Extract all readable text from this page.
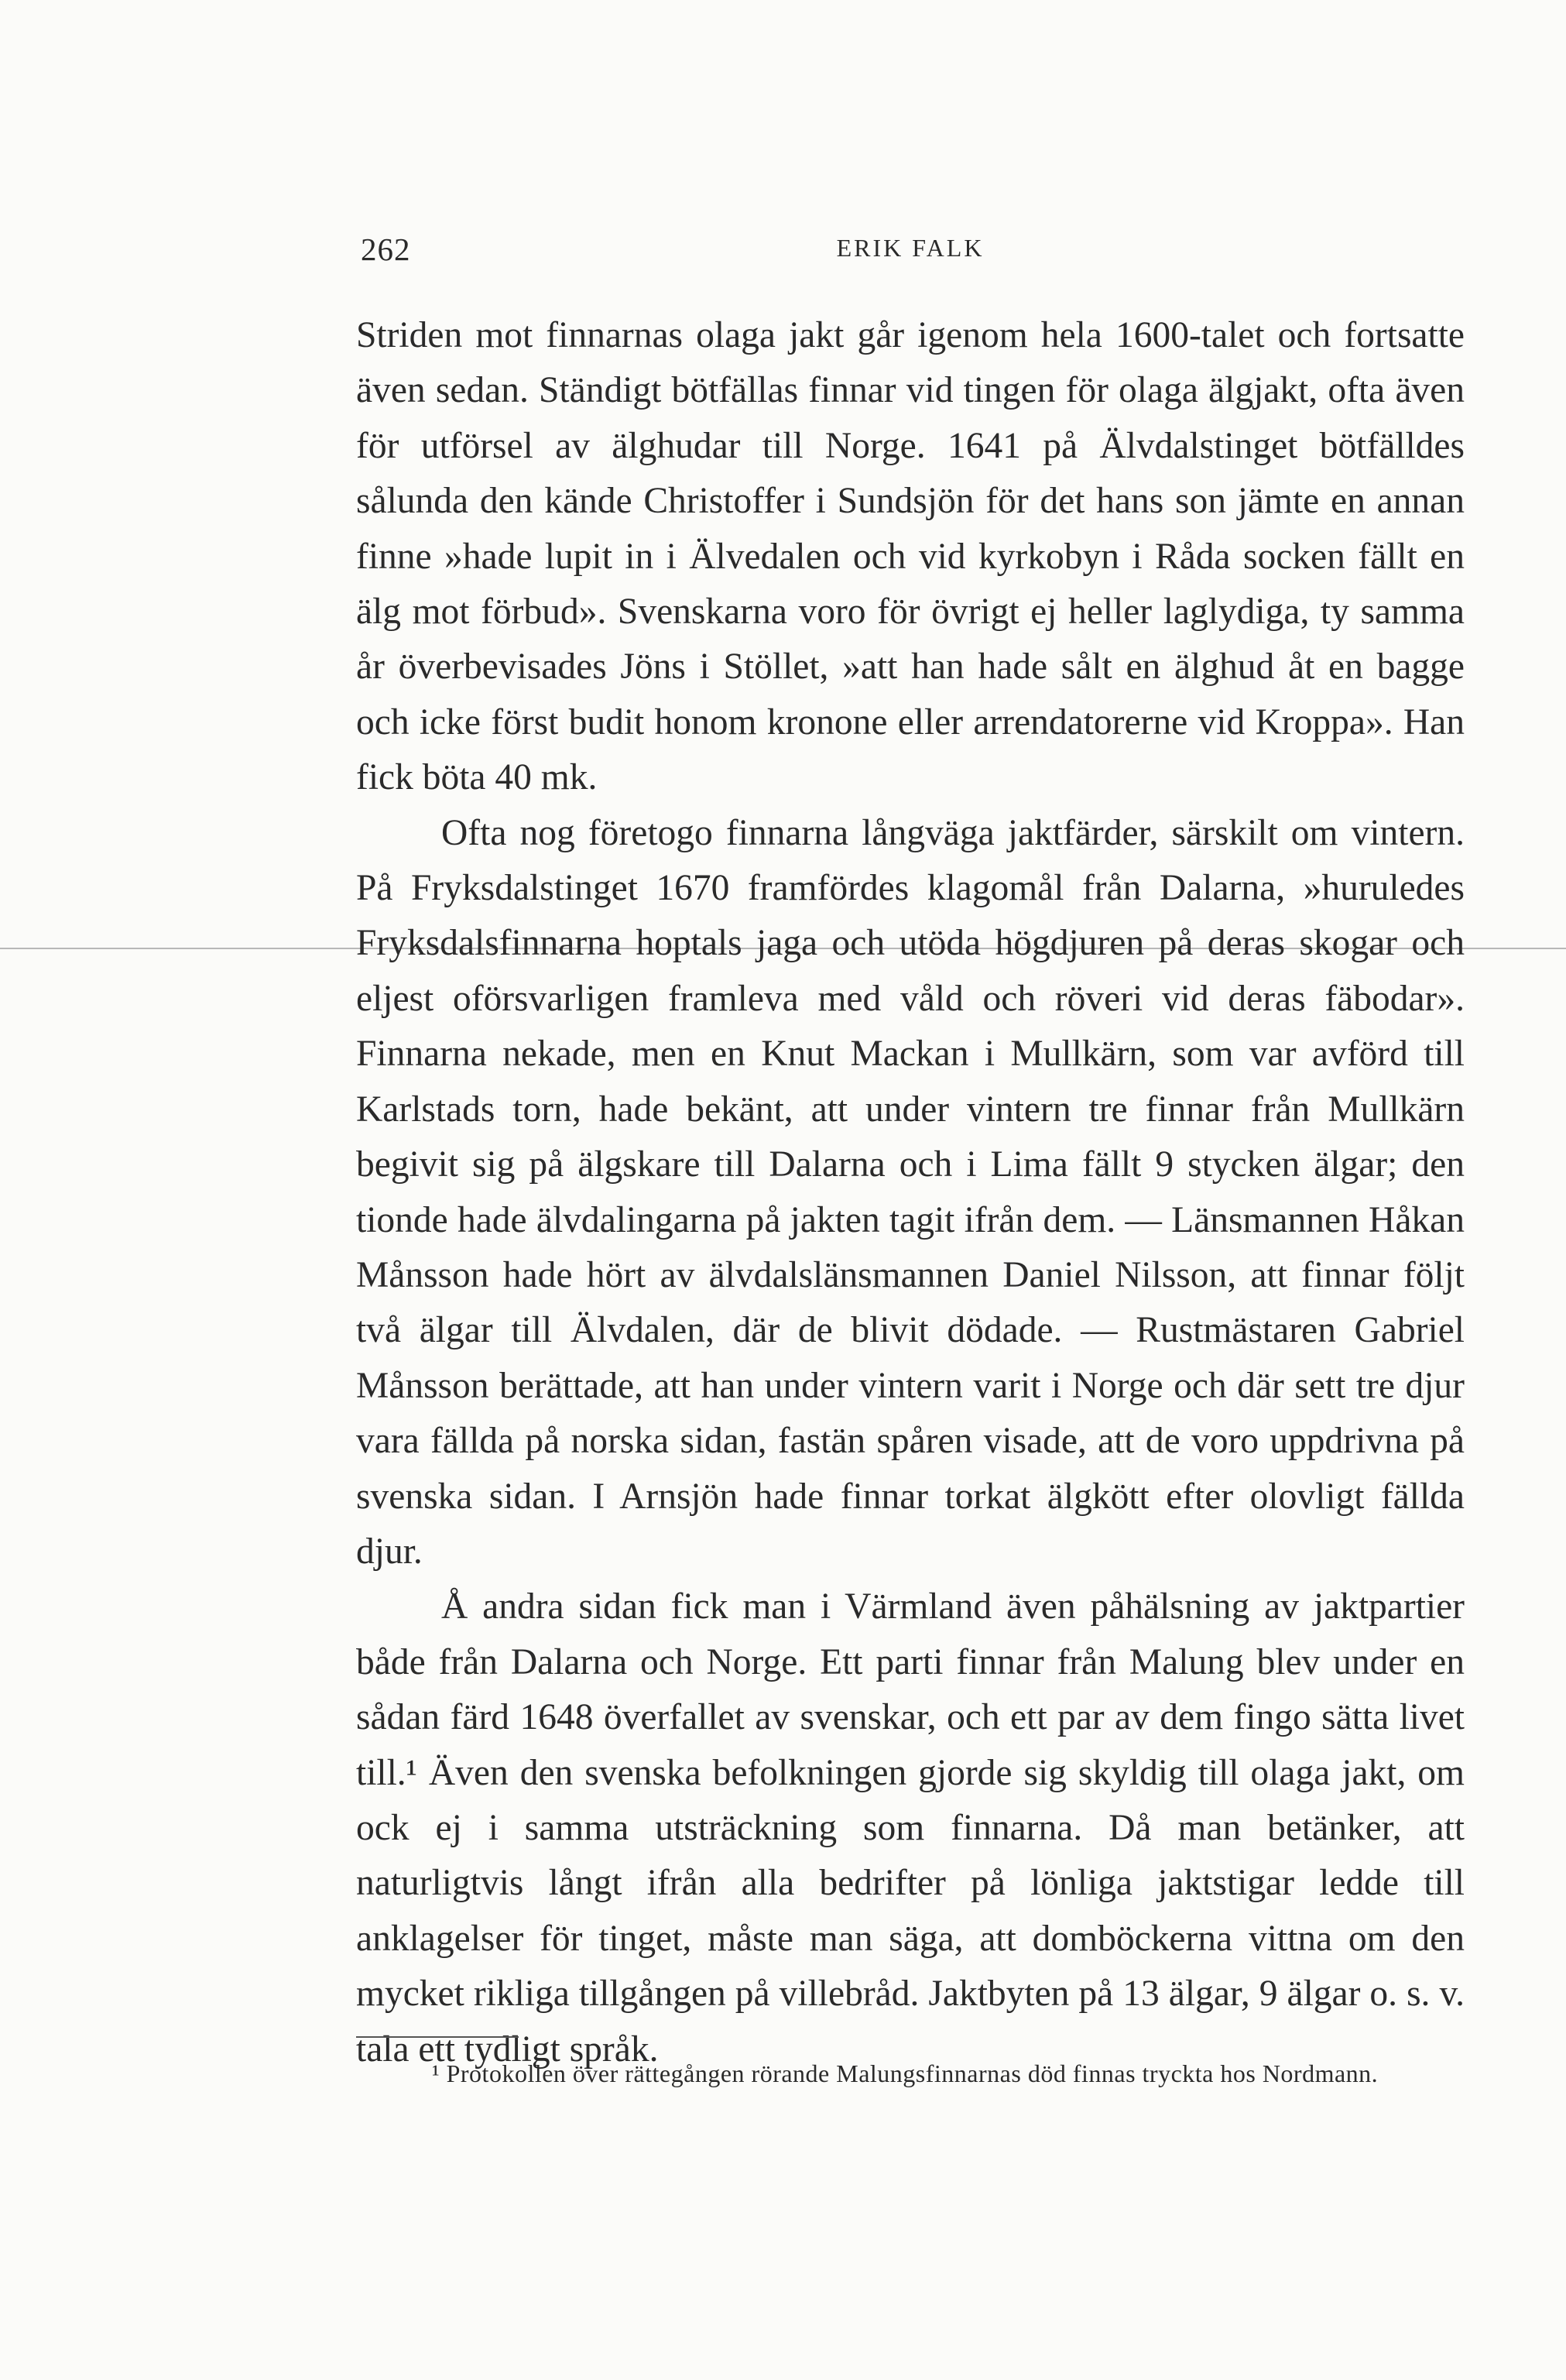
262	ERIK FALK

Striden mot finnarnas olaga jakt går igenom hela 1600-talet och fortsatte även sedan. Ständigt bötfällas finnar vid tingen för olaga älgjakt, ofta även för utförsel av älghudar till Norge. 1641 på Älvdalstinget bötfälldes sålunda den kände Christoffer i Sundsjön för det hans son jämte en annan finne »hade lupit in i Älvedalen och vid kyrkobyn i Råda socken fällt en älg mot förbud». Svenskarna voro för övrigt ej heller laglydiga, ty samma år överbevisades Jöns i Stöllet, »att han hade sålt en älghud åt en bagge och icke först budit honom kronone eller arrendatorerne vid Kroppa». Han fick böta 40 mk.

Ofta nog företogo finnarna långväga jaktfärder, särskilt om vintern. På Fryksdalstinget 1670 framfördes klagomål från Dalarna, »huruledes Fryksdalsfinnarna hoptals jaga och utöda högdjuren på deras skogar och eljest oförsvarligen framleva med våld och röveri vid deras fäbodar». Finnarna nekade, men en Knut Mackan i Mullkärn, som var avförd till Karlstads torn, hade bekänt, att under vintern tre finnar från Mullkärn begivit sig på älgskare till Dalarna och i Lima fällt 9 stycken älgar; den tionde hade älvdalingarna på jakten tagit ifrån dem. — Länsmannen Håkan Månsson hade hört av älvdalslänsmannen Daniel Nilsson, att finnar följt två älgar till Älvdalen, där de blivit dödade. — Rustmästaren Gabriel Månsson berättade, att han under vintern varit i Norge och där sett tre djur vara fällda på norska sidan, fastän spåren visade, att de voro uppdrivna på svenska sidan. I Arnsjön hade finnar torkat älgkött efter olovligt fällda djur.

Å andra sidan fick man i Värmland även påhälsning av jaktpartier både från Dalarna och Norge. Ett parti finnar från Malung blev under en sådan färd 1648 överfallet av svenskar, och ett par av dem fingo sätta livet till.¹ Även den svenska befolkningen gjorde sig skyldig till olaga jakt, om ock ej i samma utsträckning som finnarna. Då man betänker, att naturligtvis långt ifrån alla bedrifter på lönliga jaktstigar ledde till anklagelser för tinget, måste man säga, att domböckerna vittna om den mycket rikliga tillgången på villebråd. Jaktbyten på 13 älgar, 9 älgar o. s. v. tala ett tydligt språk.

¹ Protokollen över rättegången rörande Malungsfinnarnas död finnas tryckta hos Nordmann.
